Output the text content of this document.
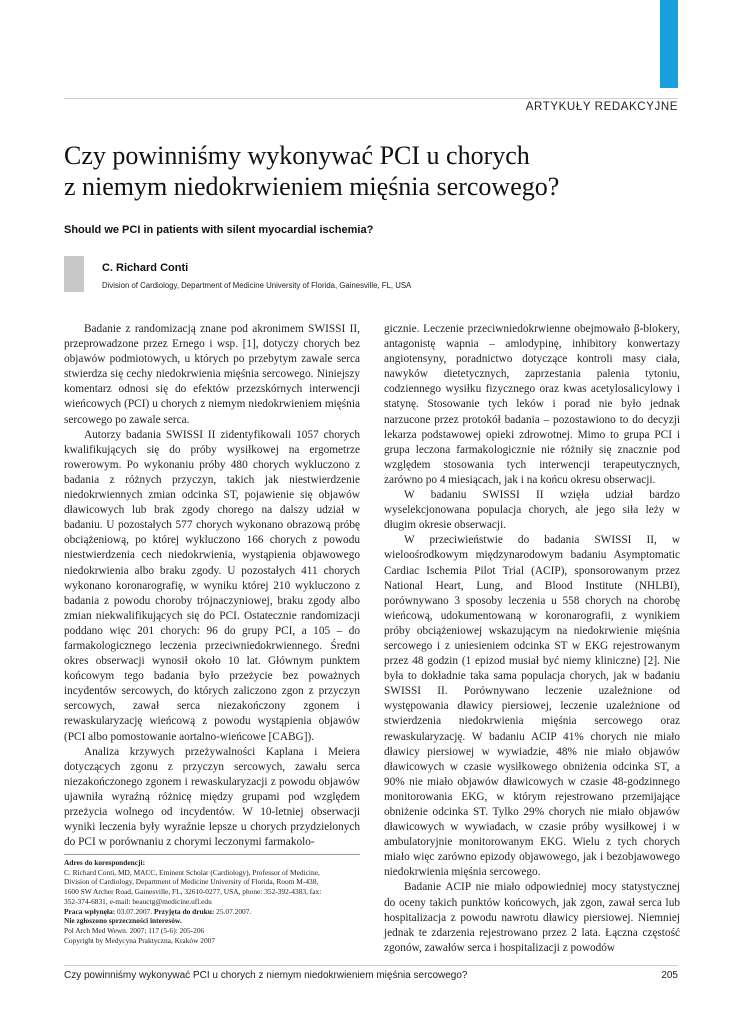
ARTYKUŁY REDAKCYJNE
Czy powinniśmy wykonywać PCI u chorych
z niemym niedokrwieniem mięśnia sercowego?
Should we PCI in patients with silent myocardial ischemia?
C. Richard Conti
Division of Cardiology, Department of Medicine University of Florida, Gainesville, FL, USA

Badanie z randomizacją znane pod akronimem SWISSI II, przeprowadzone przez Ernego i wsp. [1], dotyczy chorych bez objawów podmiotowych, u których po przebytym zawale serca stwierdza się cechy niedokrwienia mięśnia sercowego. Niniejszy komentarz odnosi się do efektów przezskórnych interwencji wieńcowych (PCI) u chorych z niemym niedokrwieniem mięśnia sercowego po zawale serca.

Autorzy badania SWISSI II zidentyfikowali 1057 chorych kwalifikujących się do próby wysiłkowej na ergometrze rowerowym. Po wykonaniu próby 480 chorych wykluczono z badania z różnych przyczyn, takich jak niestwierdzenie niedokrwiennych zmian odcinka ST, pojawienie się objawów dławicowych lub brak zgody chorego na dalszy udział w badaniu. U pozostałych 577 chorych wykonano obrazową próbę obciążeniową, po której wykluczono 166 chorych z powodu niestwierdzenia cech niedokrwienia, wystąpienia objawowego niedokrwienia albo braku zgody. U pozostałych 411 chorych wykonano koronarografię, w wyniku której 210 wykluczono z badania z powodu choroby trójnaczyniowej, braku zgody albo zmian niekwalifikujących się do PCI. Ostatecznie randomizacji poddano więc 201 chorych: 96 do grupy PCI, a 105 – do farmakologicznego leczenia przeciwniedokrwiennego. Średni okres obserwacji wynosił około 10 lat. Głównym punktem końcowym tego badania było przeżycie bez poważnych incydentów sercowych, do których zaliczono zgon z przyczyn sercowych, zawał serca niezakończony zgonem i rewaskularyzację wieńcową z powodu wystąpienia objawów (PCI albo pomostowanie aortalno-wieńcowe [CABG]).

Analiza krzywych przeżywalności Kaplana i Meiera dotyczących zgonu z przyczyn sercowych, zawału serca niezakończonego zgonem i rewaskularyzacji z powodu objawów ujawniła wyraźną różnicę między grupami pod względem przeżycia wolnego od incydentów. W 10-letniej obserwacji wyniki leczenia były wyraźnie lepsze u chorych przydzielonych do PCI w porównaniu z chorymi leczonymi farmakolo-

gicznie. Leczenie przeciwniedokrwienne obejmowało β-blokery, antagonistę wapnia – amlodypinę, inhibitory konwertazy angiotensyny, poradnictwo dotyczące kontroli masy ciała, nawyków dietetycznych, zaprzestania palenia tytoniu, codziennego wysiłku fizycznego oraz kwas acetylosalicylowy i statynę. Stosowanie tych leków i porad nie było jednak narzucone przez protokół badania – pozostawiono to do decyzji lekarza podstawowej opieki zdrowotnej. Mimo to grupa PCI i grupa leczona farmakologicznie nie różniły się znacznie pod względem stosowania tych interwencji terapeutycznych, zarówno po 4 miesiącach, jak i na końcu okresu obserwacji.

W badaniu SWISSI II wzięła udział bardzo wyselekcjonowana populacja chorych, ale jego siła leży w długim okresie obserwacji.

W przeciwieństwie do badania SWISSI II, w wieloośrodkowym międzynarodowym badaniu Asymptomatic Cardiac Ischemia Pilot Trial (ACIP), sponsorowanym przez National Heart, Lung, and Blood Institute (NHLBI), porównywano 3 sposoby leczenia u 558 chorych na chorobę wieńcową, udokumentowaną w koronarografii, z wynikiem próby obciążeniowej wskazującym na niedokrwienie mięśnia sercowego i z uniesieniem odcinka ST w EKG rejestrowanym przez 48 godzin (1 epizod musiał być niemy kliniczne) [2]. Nie była to dokładnie taka sama populacja chorych, jak w badaniu SWISSI II. Porównywano leczenie uzależnione od występowania dławicy piersiowej, leczenie uzależnione od stwierdzenia niedokrwienia mięśnia sercowego oraz rewaskularyzację. W badaniu ACIP 41% chorych nie miało dławicy piersiowej w wywiadzie, 48% nie miało objawów dławicowych w czasie wysiłkowego obniżenia odcinka ST, a 90% nie miało objawów dławicowych w czasie 48-godzinnego monitorowania EKG, w którym rejestrowano przemijające obniżenie odcinka ST. Tylko 29% chorych nie miało objawów dławicowych w wywiadach, w czasie próby wysiłkowej i w ambulatoryjnie monitorowanym EKG. Wielu z tych chorych miało więc zarówno epizody objawowego, jak i bezobjawowego niedokrwienia mięśnia sercowego.

Badanie ACIP nie miało odpowiedniej mocy statystycznej do oceny takich punktów końcowych, jak zgon, zawał serca lub hospitalizacja z powodu nawrotu dławicy piersiowej. Niemniej jednak te zdarzenia rejestrowano przez 2 lata. Łączna częstość zgonów, zawałów serca i hospitalizacji z powodów

Adres do korespondencji:
C. Richard Conti, MD, MACC, Eminent Scholar (Cardiology), Professor of Medicine,
Division of Cardiology, Department of Medicine University of Florida, Room M-438,
1600 SW Archer Road, Gainesville, FL, 32610-0277, USA, phone: 352-392-4383, fax:
352-374-6831, e-mail: beauctg@medicine.ufl.edu
Praca wpłynęła: 03.07.2007. Przyjęta do druku: 25.07.2007.
Nie zgłoszono sprzeczności interesów.
Pol Arch Med Wewn. 2007; 117 (5-6): 205-206
Copyright by Medycyna Praktyczna, Kraków 2007
Czy powinniśmy wykonywać PCI u chorych z niemym niedokrwieniem mięśnia sercowego?	205
